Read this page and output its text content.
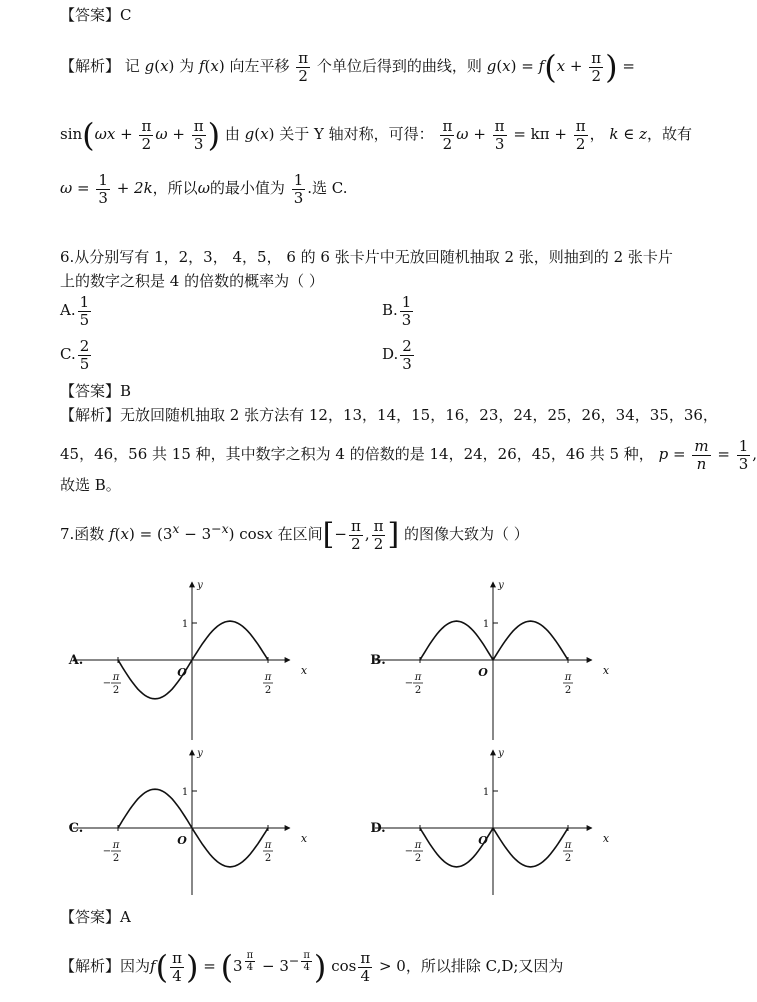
【答案】C
【解析】 记 g(x) 为 f(x) 向左平移 $\frac{\pi}{2}$ 个单位后得到的曲线，则 $g(x) = f(x + \frac{\pi}{2}$ ) =
$\sin(\omega x + \frac{\pi}{2}$ $\omega + \frac{\pi}{3}$ ) 由 g(x) 关于 Y 轴对称，可得： $\frac{\pi}{2}$ $\omega + \frac{\pi}{3} = k\pi + \frac{\pi}{2}$ ， k ∈ z，故有
$\omega = \frac{1}{3} + 2k$，所以ω的最小值为 $\frac{1}{3}$ .选 C.
6.从分别写有 1，2，3， 4，5， 6 的 6 张卡片中无放回随机抽取 2 张，则抽到的 2 张卡片
上的数字之积是 4 的倍数的概率为（ ）
A. $\frac{1}{5}$	B. $\frac{1}{3}$
C. $\frac{2}{5}$	D. $\frac{2}{3}$
【答案】B
【解析】无放回随机抽取 2 张方法有 12，13，14，15，16，23，24，25，26，34，35，36，
45，46，56 共 15 种，其中数字之积为 4 的倍数的是 14，24，26，45，46 共 5 种， $p = \frac{m}{n} = \frac{1}{3}$ ,
故选 B。
7.函数 $f(x) = (3^x - 3^{-x})$ cosx 在区间[− $\frac{\pi}{2}$ , $\frac{\pi}{2}$ ] 的图像大致为（ ）
A.
y
x
O
1
π
2
−
π
2
B.
y
x
O
1
π
2
−
π
2
C.
y
x
O
1
π
2
−
π
2
D.
y
x
O
1
π
2
−
π
2
【答案】A
【解析】因为$f( \frac{\pi}{4}$ ) = (3 $^{\frac{\pi}{4}} - 3^{- \frac{\pi}{4}}$ ) $\cos \frac{\pi}{4} > 0$，所以排除 C,D;又因为
